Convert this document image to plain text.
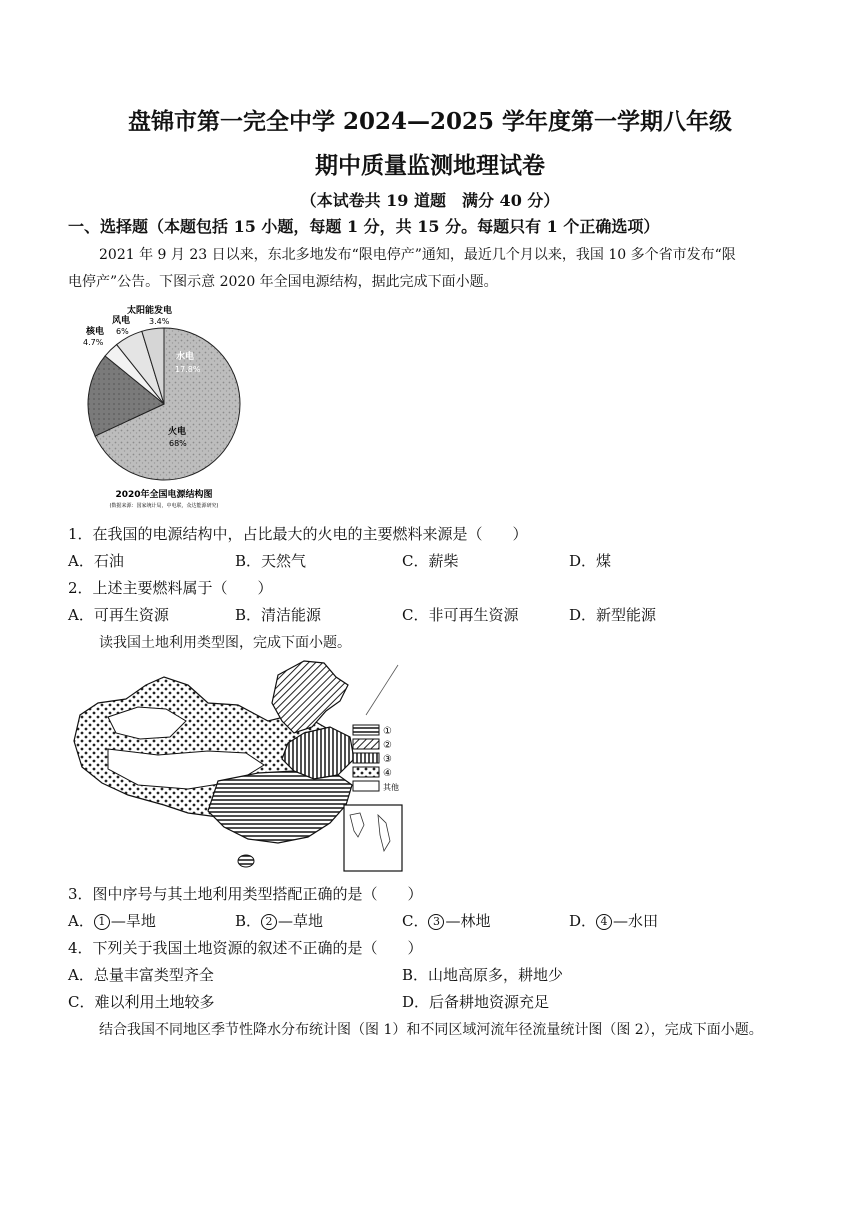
盘锦市第一完全中学 2024—2025 学年度第一学期八年级
期中质量监测地理试卷
（本试卷共 19 道题　满分 40 分）
一、选择题（本题包括 15 小题，每题 1 分，共 15 分。每题只有 1 个正确选项）
2021 年 9 月 23 日以来，东北多地发布“限电停产”通知，最近几个月以来，我国 10 多个省市发布“限
电停产”公告。下图示意 2020 年全国电源结构，据此完成下面小题。
太阳能发电
3.4%
风电
6%
核电
4.7%
水电
17.8%
火电
68%
2020年全国电源结构图
(数据来源：国家统计局，中电联，众达能源研究)
1．在我国的电源结构中，占比最大的火电的主要燃料来源是（　　）
A．石油	B．天然气	C．薪柴	D．煤
2．上述主要燃料属于（　　）
A．可再生资源	B．清洁能源	C．非可再生资源	D．新型能源
读我国土地利用类型图，完成下面小题。
①
②
③
④
其他
3．图中序号与其土地利用类型搭配正确的是（　　）
A． 1 —旱地	B． 2 —草地	C． 3 —林地	D． 4 —水田
4．下列关于我国土地资源的叙述不正确的是（　　）
A．总量丰富类型齐全	B．山地高原多，耕地少
C．难以利用土地较多	D．后备耕地资源充足
结合我国不同地区季节性降水分布统计图（图 1）和不同区域河流年径流量统计图（图 2），完成下面小题。
